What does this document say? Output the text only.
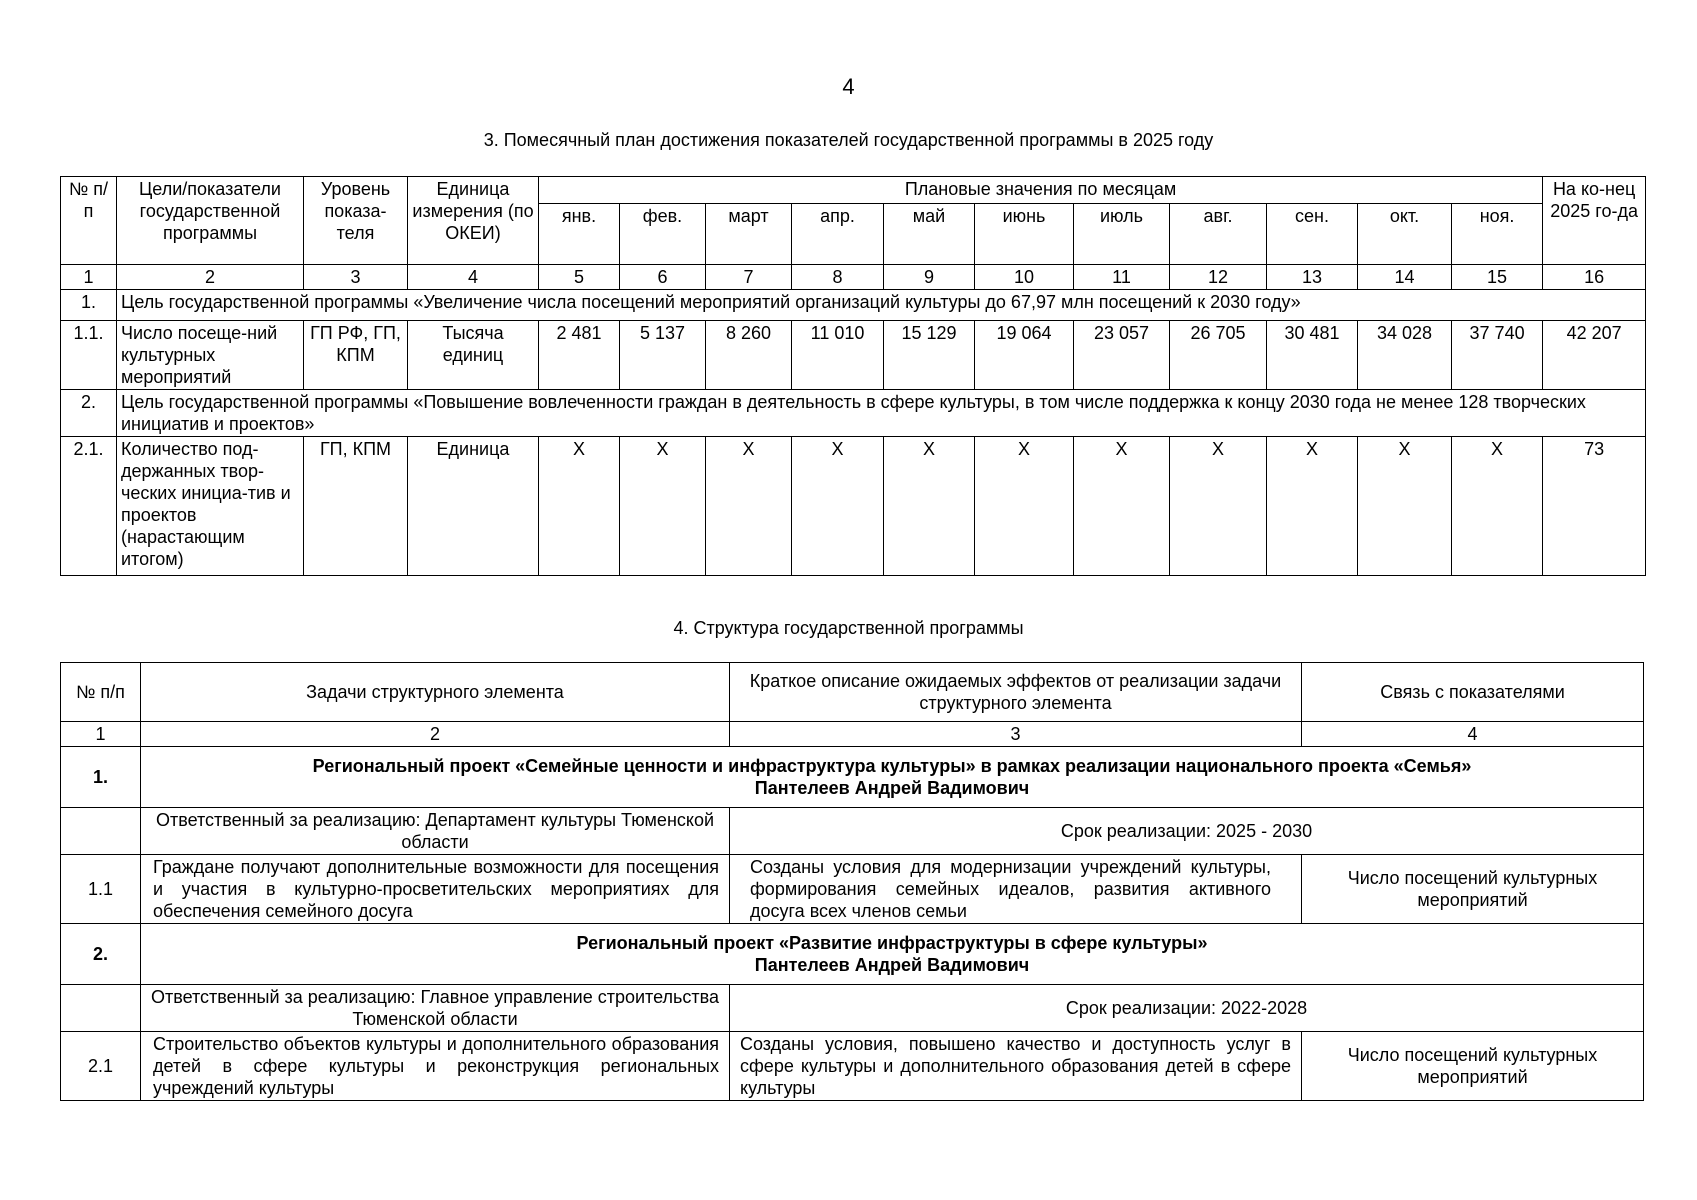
4
3. Помесячный план достижения показателей государственной программы в 2025 году
№ п/п	Цели/показатели государственной программы	Уровень показа-теля	Единица измерения (по ОКЕИ)	Плановые значения по месяцам											На ко-нец 2025 го-да
				янв.	фев.	март	апр.	май	июнь	июль	авг.	сен.	окт.	ноя.	
1	2	3	4	5	6	7	8	9	10	11	12	13	14	15	16
1.	Цель государственной программы «Увеличение числа посещений мероприятий организаций культуры до 67,97 млн посещений к 2030 году»														
1.1.	Число посеще-ний культурных мероприятий	ГП РФ, ГП, КПМ	Тысяча единиц	2 481	5 137	8 260	11 010	15 129	19 064	23 057	26 705	30 481	34 028	37 740	42 207
2.	Цель государственной программы «Повышение вовлеченности граждан в деятельность в сфере культуры, в том числе поддержка к концу 2030 года не менее 128 творческих инициатив и проектов»														
2.1.	Количество под-держанных твор-ческих инициа-тив и проектов (нарастающим итогом)	ГП, КПМ	Единица	X	X	X	X	X	X	X	X	X	X	X	73
4. Структура государственной программы
№ п/п	Задачи структурного элемента	Краткое описание ожидаемых эффектов от реализации задачи структурного элемента	Связь с показателями
1	2	3	4
1.	Региональный проект «Семейные ценности и инфраструктура культуры» в рамках реализации национального проекта «Семья»
Пантелеев Андрей Вадимович		

	Ответственный за реализацию: Департамент культуры Тюменской области	Срок реализации: 2025 - 2030	
1.1	Граждане получают дополнительные возможности для посещения и участия в культурно-просветительских мероприятиях для обеспечения семейного досуга	Созданы условия для модернизации учреждений культуры, формирования семейных идеалов, развития активного досуга всех членов семьи	Число посещений культурных мероприятий
2.	Региональный проект «Развитие инфраструктуры в сфере культуры»
Пантелеев Андрей Вадимович		

	Ответственный за реализацию: Главное управление строительства Тюменской области	Срок реализации: 2022-2028	
2.1	Строительство объектов культуры и дополнительного образования детей в сфере культуры и реконструкция региональных учреждений культуры	Созданы условия, повышено качество и доступность услуг в сфере культуры и дополнительного образования детей в сфере культуры	Число посещений культурных мероприятий
